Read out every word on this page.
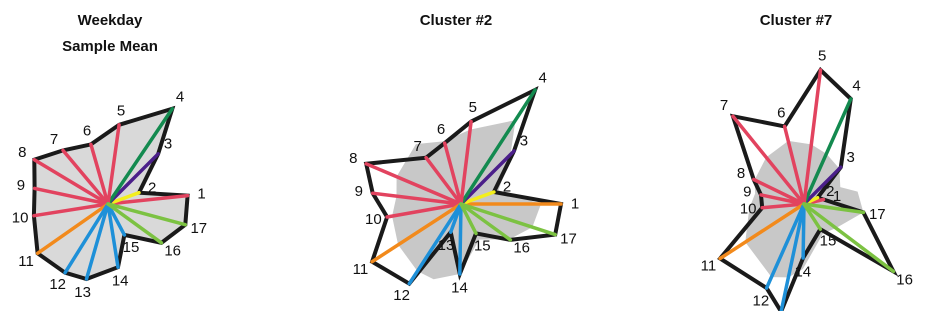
Weekday
Sample Mean
1
2
3
4
5
6
7
8
9
10
11
12 13
14
15 16
17
Cluster #2
1
2
3
4
5
6
7
8
9
10
11
12
13
14
15 16
17
Cluster #7
1
2
3
4
5
6
7
8
9
10
11
12
14
15
16
17
